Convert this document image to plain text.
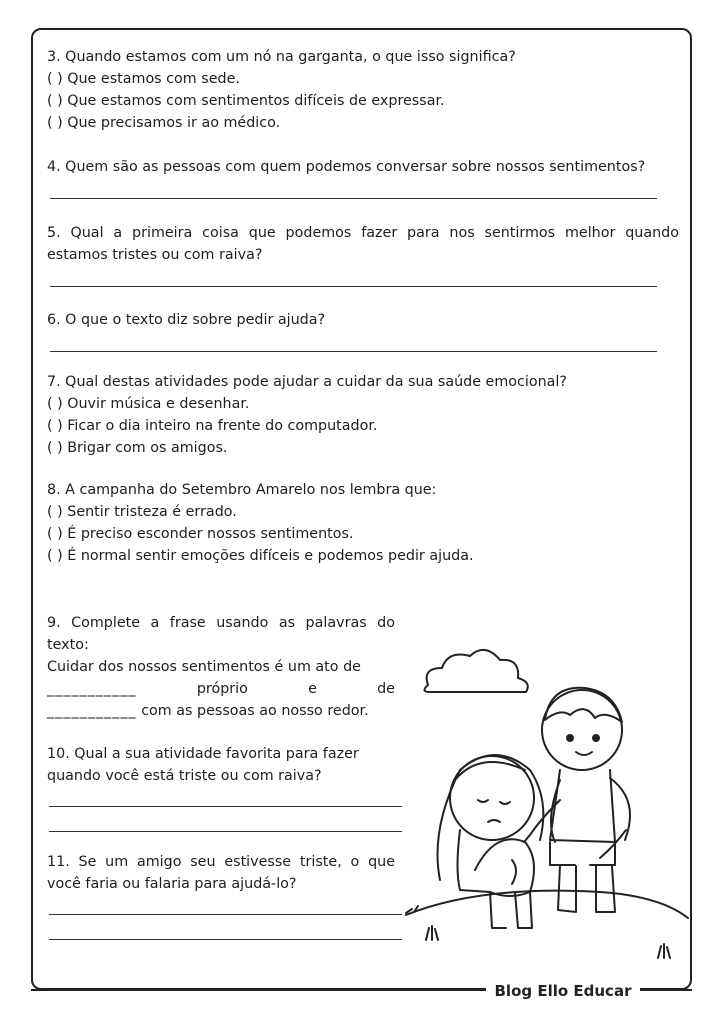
3. Quando estamos com um nó na garganta, o que isso significa?

( ) Que estamos com sede.

( ) Que estamos com sentimentos difíceis de expressar.

( ) Que precisamos ir ao médico.

4. Quem são as pessoas com quem podemos conversar sobre nossos sentimentos?

5. Qual a primeira coisa que podemos fazer para nos sentirmos melhor quando estamos tristes ou com raiva?

6. O que o texto diz sobre pedir ajuda?

7. Qual destas atividades pode ajudar a cuidar da sua saúde emocional?

( ) Ouvir música e desenhar.

( ) Ficar o dia inteiro na frente do computador.

( ) Brigar com os amigos.

8. A campanha do Setembro Amarelo nos lembra que:

( ) Sentir tristeza é errado.

( ) É preciso esconder nossos sentimentos.

( ) É normal sentir emoções difíceis e podemos pedir ajuda.

9. Complete a frase usando as palavras do texto:

Cuidar dos nossos sentimentos é um ato de

___________	próprio	e	de
___________ com as pessoas ao nosso redor.

10. Qual a sua atividade favorita para fazer quando você está triste ou com raiva?

11. Se um amigo seu estivesse triste, o que você faria ou falaria para ajudá-lo?

Blog Ello Educar
